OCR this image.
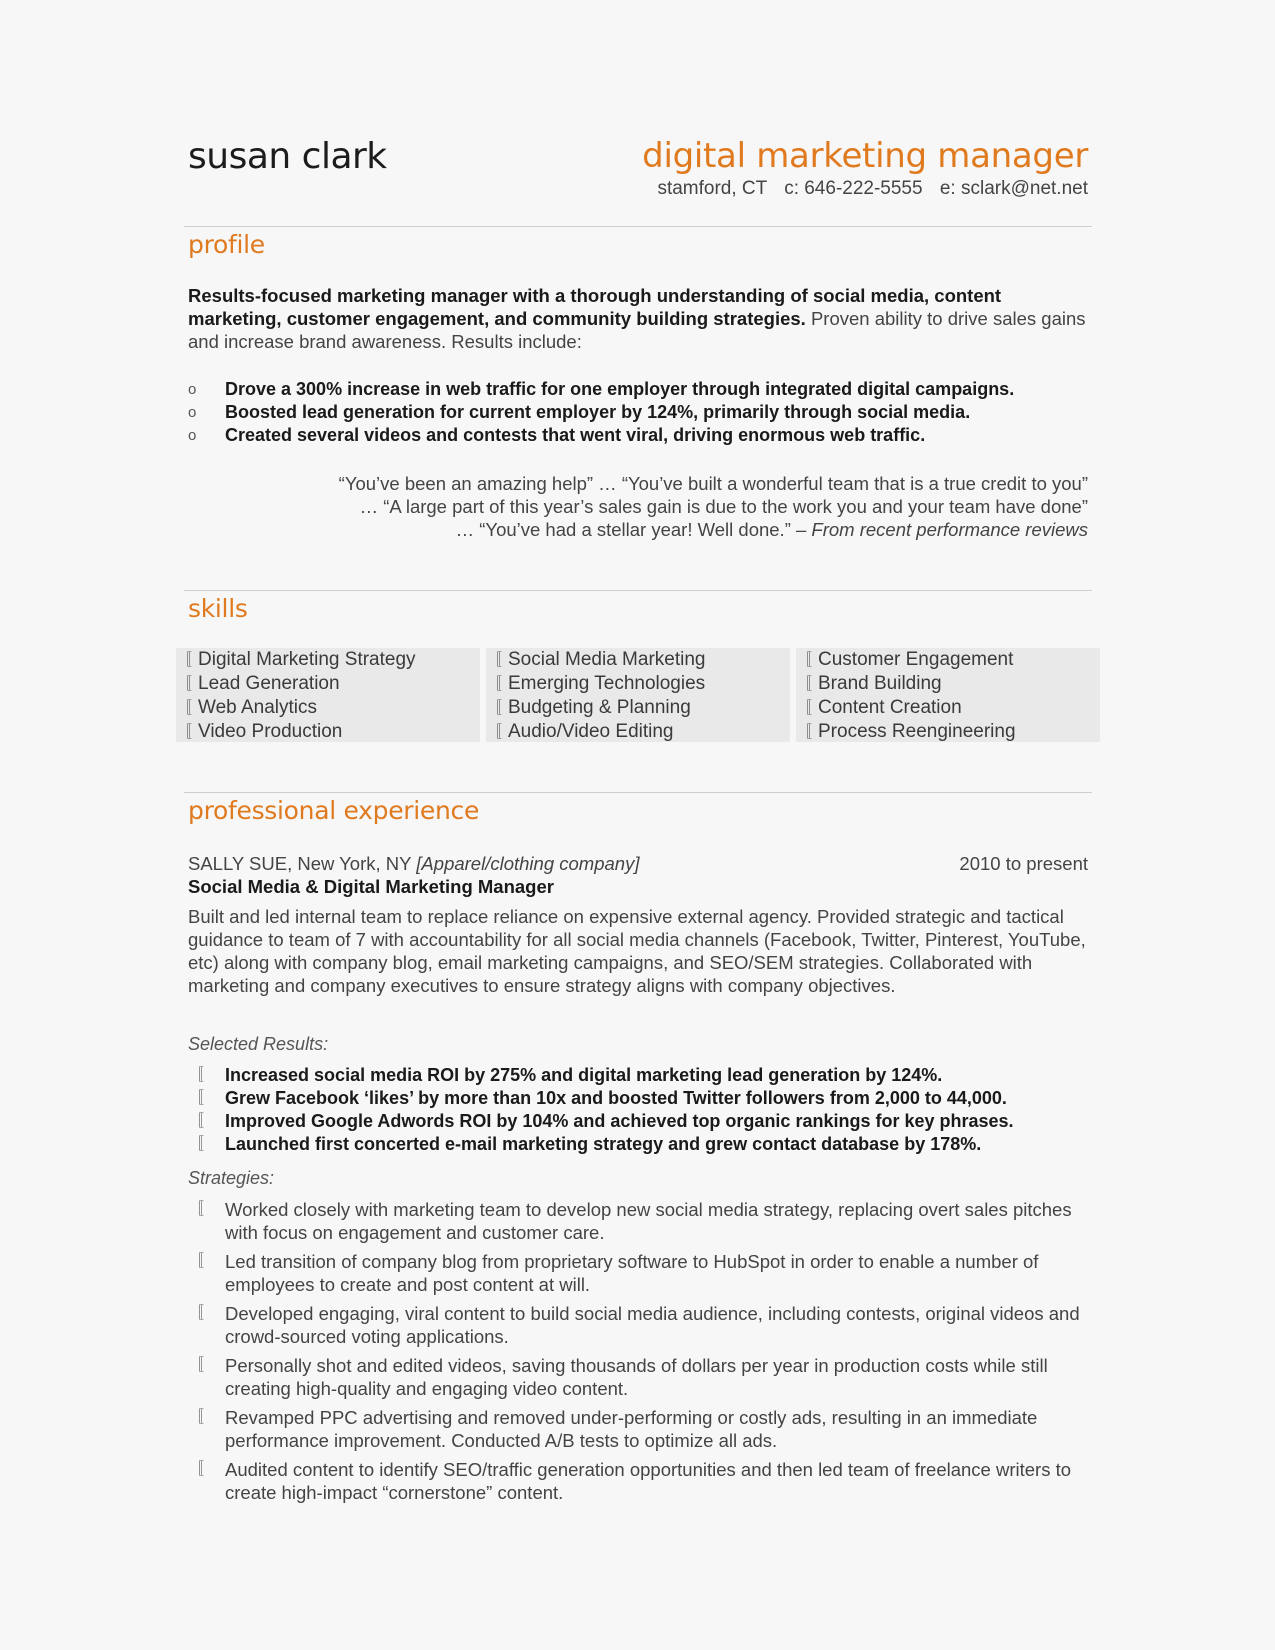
susan clark	digital marketing manager
stamford, CT c: 646-222-5555 e: sclark@net.net
profile
Results-focused marketing manager with a thorough understanding of social media, content marketing, customer engagement, and community building strategies. Proven ability to drive sales gains and increase brand awareness. Results include:
o Drove a 300% increase in web traffic for one employer through integrated digital campaigns.
o Boosted lead generation for current employer by 124%, primarily through social media.
o Created several videos and contests that went viral, driving enormous web traffic.
“You’ve been an amazing help” … “You’ve built a wonderful team that is a true credit to you”
… “A large part of this year’s sales gain is due to the work you and your team have done”
… “You’ve had a stellar year! Well done.” – From recent performance reviews
skills
〚 Digital Marketing Strategy
〚 Lead Generation
〚 Web Analytics
〚 Video Production
〚 Social Media Marketing
〚 Emerging Technologies
〚 Budgeting & Planning
〚 Audio/Video Editing
〚 Customer Engagement
〚 Brand Building
〚 Content Creation
〚 Process Reengineering
professional experience
SALLY SUE, New York, NY [Apparel/clothing company]	2010 to present
Social Media & Digital Marketing Manager
Built and led internal team to replace reliance on expensive external agency. Provided strategic and tactical guidance to team of 7 with accountability for all social media channels (Facebook, Twitter, Pinterest, YouTube, etc) along with company blog, email marketing campaigns, and SEO/SEM strategies. Collaborated with marketing and company executives to ensure strategy aligns with company objectives.
Selected Results:
〚	Increased social media ROI by 275% and digital marketing lead generation by 124%.
〚	Grew Facebook ‘likes’ by more than 10x and boosted Twitter followers from 2,000 to 44,000.
〚	Improved Google Adwords ROI by 104% and achieved top organic rankings for key phrases.
〚	Launched first concerted e-mail marketing strategy and grew contact database by 178%.
Strategies:
〚	Worked closely with marketing team to develop new social media strategy, replacing overt sales pitches with focus on engagement and customer care.
〚	Led transition of company blog from proprietary software to HubSpot in order to enable a number of employees to create and post content at will.
〚	Developed engaging, viral content to build social media audience, including contests, original videos and crowd-sourced voting applications.
〚	Personally shot and edited videos, saving thousands of dollars per year in production costs while still creating high-quality and engaging video content.
〚	Revamped PPC advertising and removed under-performing or costly ads, resulting in an immediate performance improvement. Conducted A/B tests to optimize all ads.
〚	Audited content to identify SEO/traffic generation opportunities and then led team of freelance writers to create high-impact “cornerstone” content.
